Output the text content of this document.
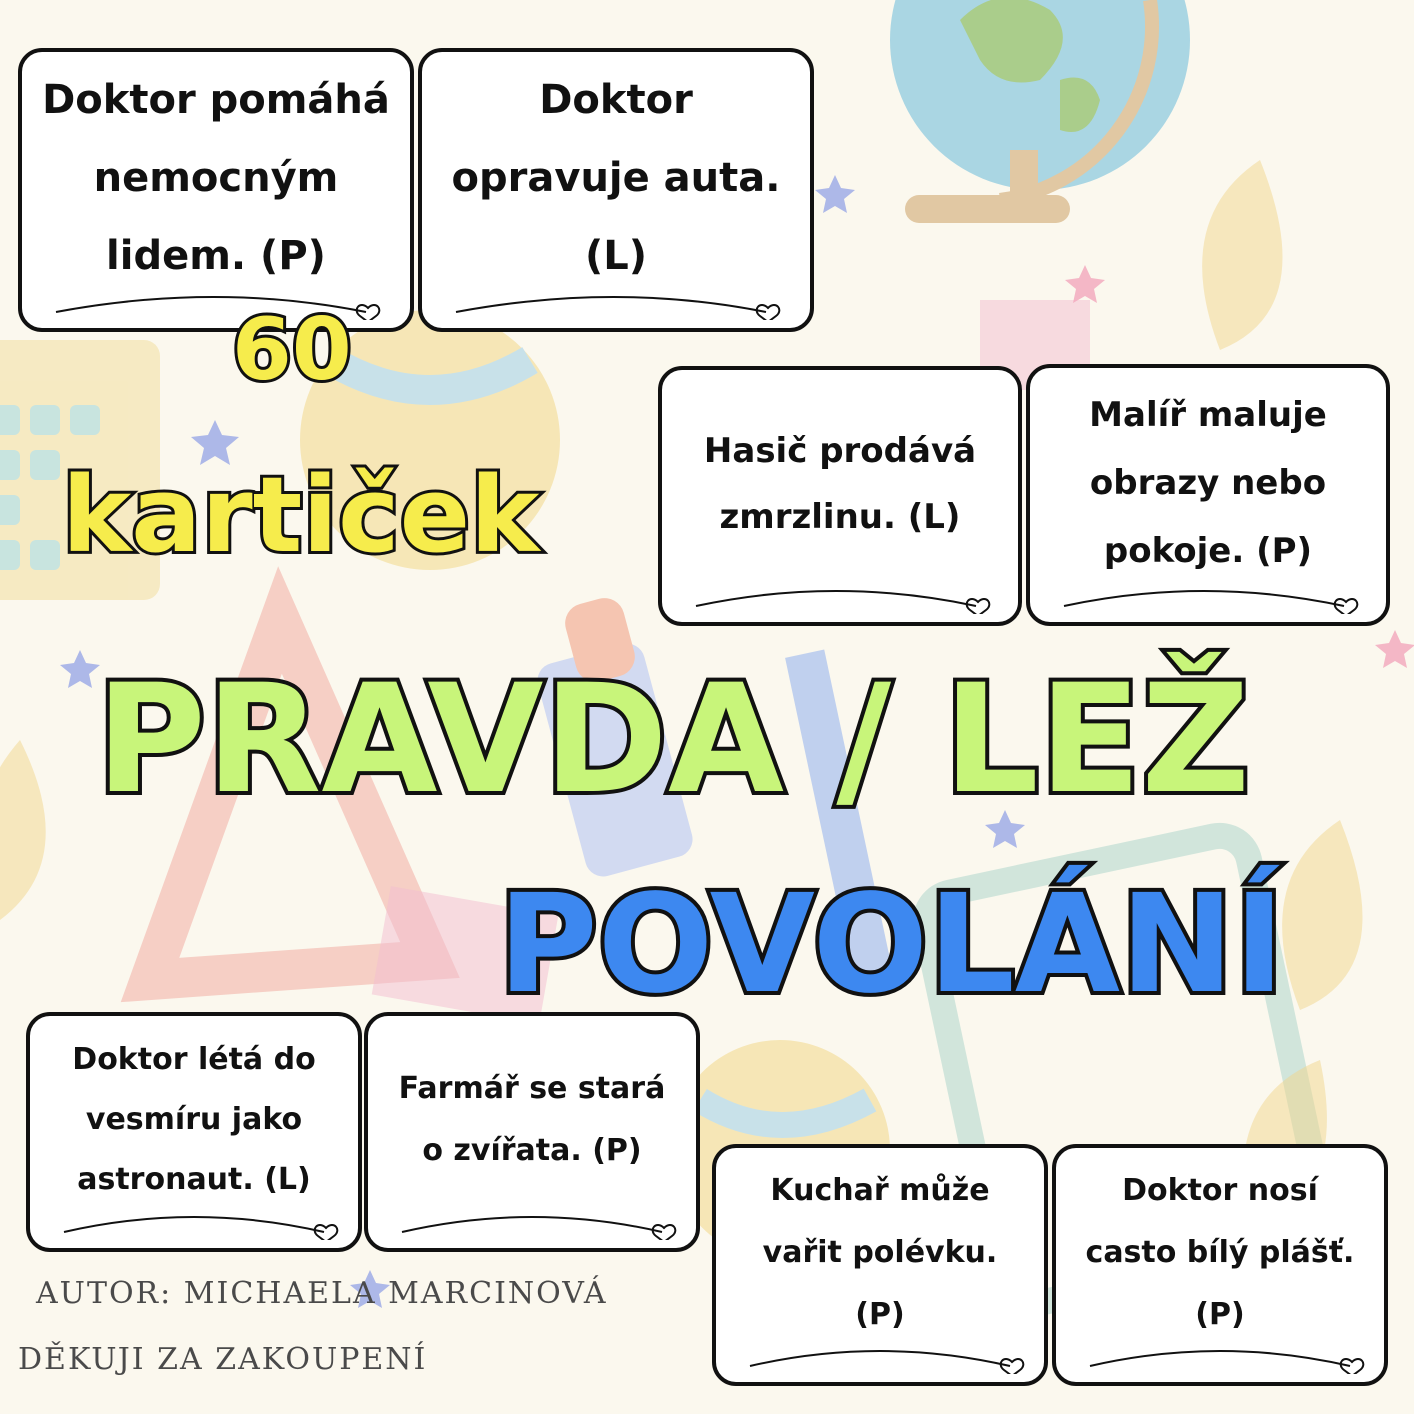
Doktor pomáhá
nemocným
lidem. (P)
Doktor
opravuje auta.
(L)
Hasič prodává
zmrzlinu. (L)
Malíř maluje
obrazy nebo
pokoje. (P)
Doktor létá do
vesmíru jako
astronaut. (L)
Farmář se stará
o zvířata. (P)
Kuchař může
vařit polévku.
(P)
Doktor nosí
casto bílý plášť.
(P)
60
kartiček
PRAVDA / LEŽ
POVOLÁNÍ
AUTOR: MICHAELA MARCINOVÁ
DĚKUJI ZA ZAKOUPENÍ
